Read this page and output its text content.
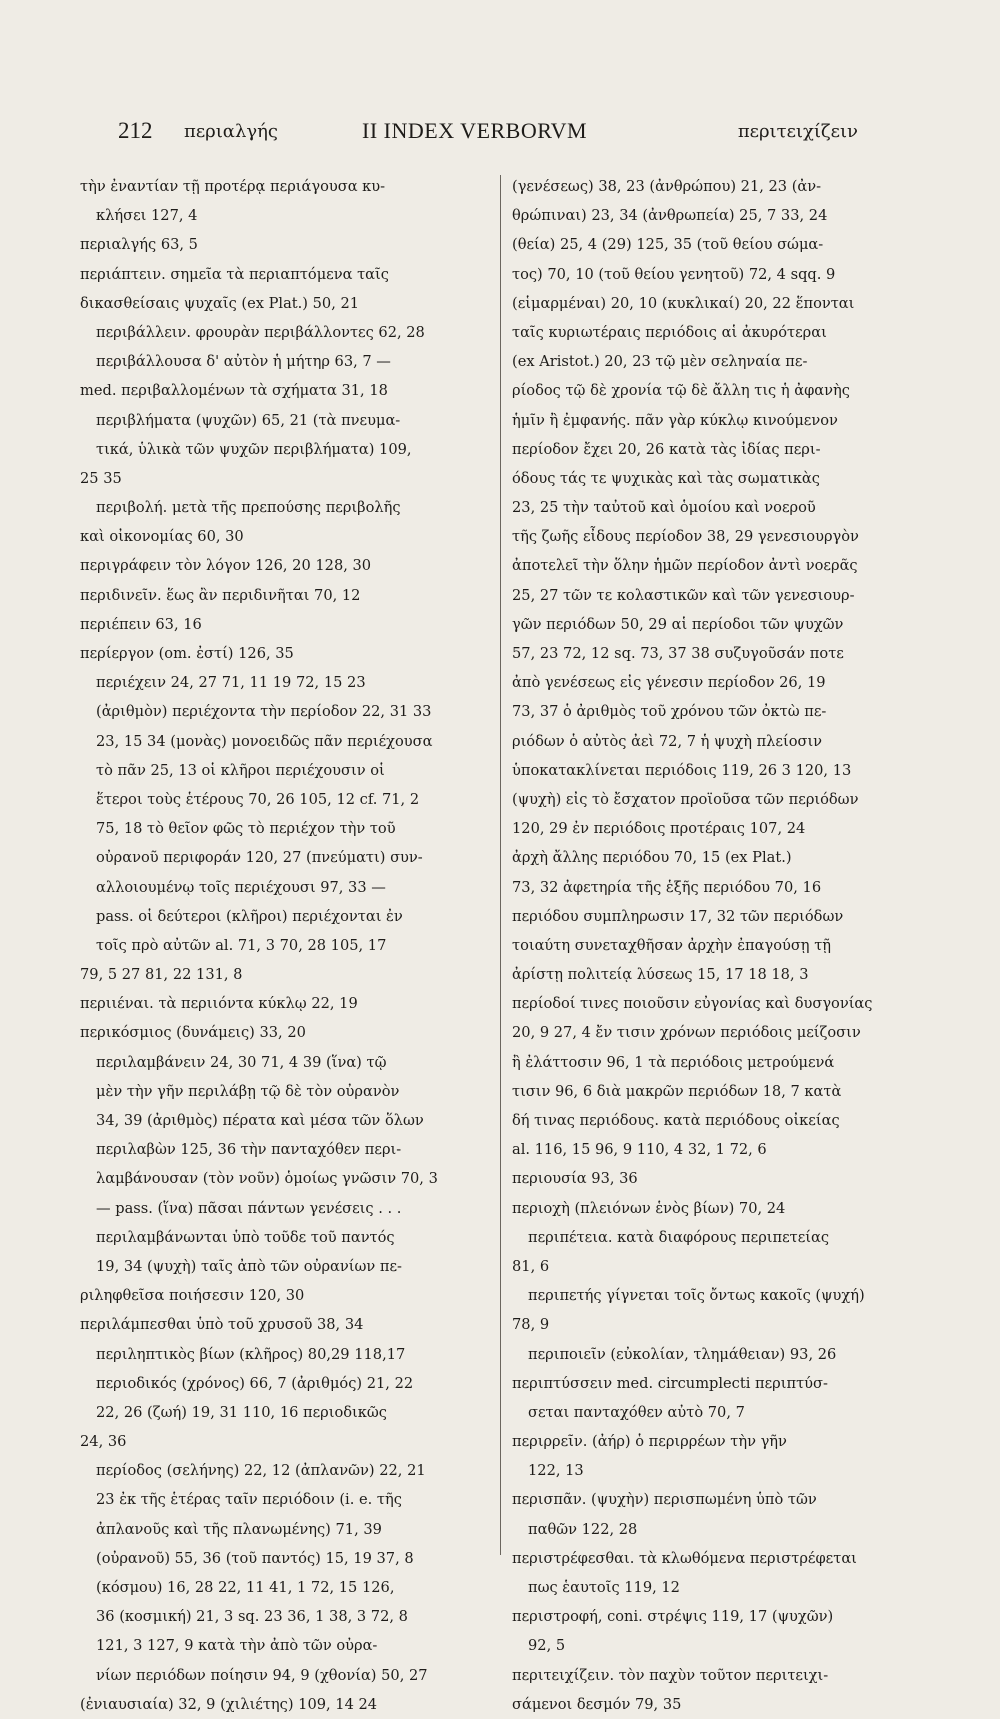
212 περιαλγής	II INDEX VERBORVM	περιτειχίζειν
τὴν ἐναντίαν τῇ προτέρᾳ περιάγουσα κυ-
κλήσει 127, 4
περιαλγής 63, 5
περιάπτειν. σημεῖα τὰ περιαπτόμενα ταῖς
δικασθείσαις ψυχαῖς (ex Plat.) 50, 21
περιβάλλειν. φρουρὰν περιβάλλοντες 62, 28
περιβάλλουσα δ' αὐτὸν ἡ μήτηρ 63, 7 —
med. περιβαλλομένων τὰ σχήματα 31, 18
περιβλήματα (ψυχῶν) 65, 21 (τὰ πνευμα-
τικά, ὑλικὰ τῶν ψυχῶν περιβλήματα) 109,
25 35
περιβολή. μετὰ τῆς πρεπούσης περιβολῆς
καὶ οἰκονομίας 60, 30
περιγράφειν τὸν λόγον 126, 20 128, 30
περιδινεῖν. ἕως ἂν περιδινῆται 70, 12
περιέπειν 63, 16
περίεργον (om. ἐστί) 126, 35
περιέχειν 24, 27 71, 11 19 72, 15 23
(ἀριθμὸν) περιέχοντα τὴν περίοδον 22, 31 33
23, 15 34 (μονὰς) μονοειδῶς πᾶν περιέχουσα
τὸ πᾶν 25, 13 οἱ κλῆροι περιέχουσιν οἱ
ἕτεροι τοὺς ἑτέρους 70, 26 105, 12 cf. 71, 2
75, 18 τὸ θεῖον φῶς τὸ περιέχον τὴν τοῦ
οὐρανοῦ περιφοράν 120, 27 (πνεύματι) συν-
αλλοιουμένῳ τοῖς περιέχουσι 97, 33 —
pass. οἱ δεύτεροι (κλῆροι) περιέχονται ἐν
τοῖς πρὸ αὐτῶν al. 71, 3 70, 28 105, 17
79, 5 27 81, 22 131, 8
περιιέναι. τὰ περιιόντα κύκλῳ 22, 19
περικόσμιος (δυνάμεις) 33, 20
περιλαμβάνειν 24, 30 71, 4 39 (ἵνα) τῷ
μὲν τὴν γῆν περιλάβῃ τῷ δὲ τὸν οὐρανὸν
34, 39 (ἀριθμὸς) πέρατα καὶ μέσα τῶν ὅλων
περιλαβὼν 125, 36 τὴν πανταχόθεν περι-
λαμβάνουσαν (τὸν νοῦν) ὁμοίως γνῶσιν 70, 3
— pass. (ἵνα) πᾶσαι πάντων γενέσεις . . .
περιλαμβάνωνται ὑπὸ τοῦδε τοῦ παντός
19, 34 (ψυχὴ) ταῖς ἀπὸ τῶν οὐρανίων πε-
ριληφθεῖσα ποιήσεσιν 120, 30
περιλάμπεσθαι ὑπὸ τοῦ χρυσοῦ 38, 34
περιληπτικὸς βίων (κλῆρος) 80,29 118,17
περιοδικός (χρόνος) 66, 7 (ἀριθμός) 21, 22
22, 26 (ζωή) 19, 31 110, 16 περιοδικῶς
24, 36
περίοδος (σελήνης) 22, 12 (ἀπλανῶν) 22, 21
23 ἐκ τῆς ἑτέρας ταῖν περιόδοιν (i. e. τῆς
ἀπλανοῦς καὶ τῆς πλανωμένης) 71, 39
(οὐρανοῦ) 55, 36 (τοῦ παντός) 15, 19 37, 8
(κόσμου) 16, 28 22, 11 41, 1 72, 15 126,
36 (κοσμική) 21, 3 sq. 23 36, 1 38, 3 72, 8
121, 3 127, 9 κατὰ τὴν ἀπὸ τῶν οὐρα-
νίων περιόδων ποίησιν 94, 9 (χθονία) 50, 27
(ἐνιαυσιαία) 32, 9 (χιλιέτης) 109, 14 24
(γενέσεως) 38, 23 (ἀνθρώπου) 21, 23 (ἀν-
θρώπιναι) 23, 34 (ἀνθρωπεία) 25, 7 33, 24
(θεία) 25, 4 (29) 125, 35 (τοῦ θείου σώμα-
τος) 70, 10 (τοῦ θείου γενητοῦ) 72, 4 sqq. 9
(εἱμαρμέναι) 20, 10 (κυκλικαί) 20, 22 ἕπονται
ταῖς κυριωτέραις περιόδοις αἱ ἀκυρότεραι
(ex Aristot.) 20, 23 τῷ μὲν σεληναία πε-
ρίοδος τῷ δὲ χρονία τῷ δὲ ἄλλη τις ἡ ἀφανὴς
ἡμῖν ἢ ἐμφανής. πᾶν γὰρ κύκλῳ κινούμενον
περίοδον ἔχει 20, 26 κατὰ τὰς ἰδίας περι-
όδους τάς τε ψυχικὰς καὶ τὰς σωματικὰς
23, 25 τὴν ταὐτοῦ καὶ ὁμοίου καὶ νοεροῦ
τῆς ζωῆς εἶδους περίοδον 38, 29 γενεσιουργὸν
ἀποτελεῖ τὴν ὅλην ἡμῶν περίοδον ἀντὶ νοερᾶς
25, 27 τῶν τε κολαστικῶν καὶ τῶν γενεσιουρ-
γῶν περιόδων 50, 29 αἱ περίοδοι τῶν ψυχῶν
57, 23 72, 12 sq. 73, 37 38 συζυγοῦσάν ποτε
ἀπὸ γενέσεως εἰς γένεσιν περίοδον 26, 19
73, 37 ὁ ἀριθμὸς τοῦ χρόνου τῶν ὀκτὼ πε-
ριόδων ὁ αὐτὸς ἀεὶ 72, 7 ἡ ψυχὴ πλείοσιν
ὑποκατακλίνεται περιόδοις 119, 26 3 120, 13
(ψυχὴ) εἰς τὸ ἔσχατον προϊοῦσα τῶν περιόδων
120, 29 ἐν περιόδοις προτέραις 107, 24
ἀρχὴ ἄλλης περιόδου 70, 15 (ex Plat.)
73, 32 ἀφετηρία τῆς ἑξῆς περιόδου 70, 16
περιόδου συμπληρωσιν 17, 32 τῶν περιόδων
τοιαύτη συνεταχθῆσαν ἀρχὴν ἐπαγούσῃ τῇ
ἀρίστῃ πολιτείᾳ λύσεως 15, 17 18 18, 3
περίοδοί τινες ποιοῦσιν εὐγονίας καὶ δυσγονίας
20, 9 27, 4 ἔν τισιν χρόνων περιόδοις μείζοσιν
ἢ ἐλάττοσιν 96, 1 τὰ περιόδοις μετρούμενά
τισιν 96, 6 διὰ μακρῶν περιόδων 18, 7 κατὰ
δή τινας περιόδους. κατὰ περιόδους οἰκείας
al. 116, 15 96, 9 110, 4 32, 1 72, 6
περιουσία 93, 36
περιοχὴ (πλειόνων ἑνὸς βίων) 70, 24
περιπέτεια. κατὰ διαφόρους περιπετείας
81, 6
περιπετής γίγνεται τοῖς ὄντως κακοῖς (ψυχή)
78, 9
περιποιεῖν (εὐκολίαν, τλημάθειαν) 93, 26
περιπτύσσειν med. circumplecti περιπτύσ-
σεται πανταχόθεν αὐτὸ 70, 7
περιρρεῖν. (ἀήρ) ὁ περιρρέων τὴν γῆν
122, 13
περισπᾶν. (ψυχὴν) περισπωμένη ὑπὸ τῶν
παθῶν 122, 28
περιστρέφεσθαι. τὰ κλωθόμενα περιστρέφεται
πως ἑαυτοῖς 119, 12
περιστροφή, coni. στρέψις 119, 17 (ψυχῶν)
92, 5
περιτειχίζειν. τὸν παχὺν τοῦτον περιτειχι-
σάμενοι δεσμόν 79, 35
